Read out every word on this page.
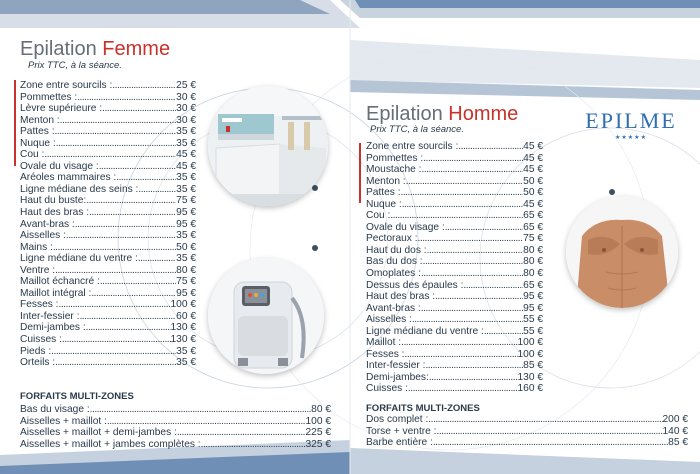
Epilation Femme
Prix TTC, à la séance.
Zone entre sourcils : .....	25 €
Pommettes : .....	30 €
Lèvre supérieure : .....	30 €
Menton : .....	30 €
Pattes : .....	35 €
Nuque : .....	35 €
Cou : .....	45 €
Ovale du visage : .....	45 €
Aréoles mammaires : .....	35 €
Ligne médiane des seins : .....	35 €
Haut du buste: .....	75 €
Haut des bras : .....	95 €
Avant-bras : .....	95 €
Aisselles : .....	35 €
Mains : .....	50 €
Ligne médiane du ventre : .....	35 €
Ventre : .....	80 €
Maillot échancré : .....	75 €
Maillot intégral : .....	95 €
Fesses : .....	100 €
Inter-fessier : .....	60 €
Demi-jambes : .....	130 €
Cuisses : .....	130 €
Pieds : .....	35 €
Orteils : .....	35 €
FORFAITS MULTI-ZONES
Bas du visage : .....	80 €
Aisselles + maillot : .....	100 €
Aisselles + maillot + demi-jambes : .....	225 €
Aisselles + maillot + jambes complètes : .....	325 €
Epilation Homme
Prix TTC, à la séance.
Zone entre sourcils : .....	45 €
Pommettes : .....	45 €
Moustache : .....	45 €
Menton : .....	50 €
Pattes : .....	50 €
Nuque : .....	45 €
Cou : .....	65 €
Ovale du visage : .....	65 €
Pectoraux : .....	75 €
Haut du dos : .....	80 €
Bas du dos : .....	80 €
Omoplates : .....	80 €
Dessus des épaules : .....	65 €
Haut des bras : .....	95 €
Avant-bras : .....	95 €
Aisselles : .....	55 €
Ligne médiane du ventre : .....	55 €
Maillot : .....	100 €
Fesses : .....	100 €
Inter-fessier : .....	85 €
Demi-jambes: .....	130 €
Cuisses : .....	160 €
FORFAITS MULTI-ZONES
Dos complet : .....	200 €
Torse + ventre : .....	140 €
Barbe entière : .....	85 €
EPILME
★★★★★
